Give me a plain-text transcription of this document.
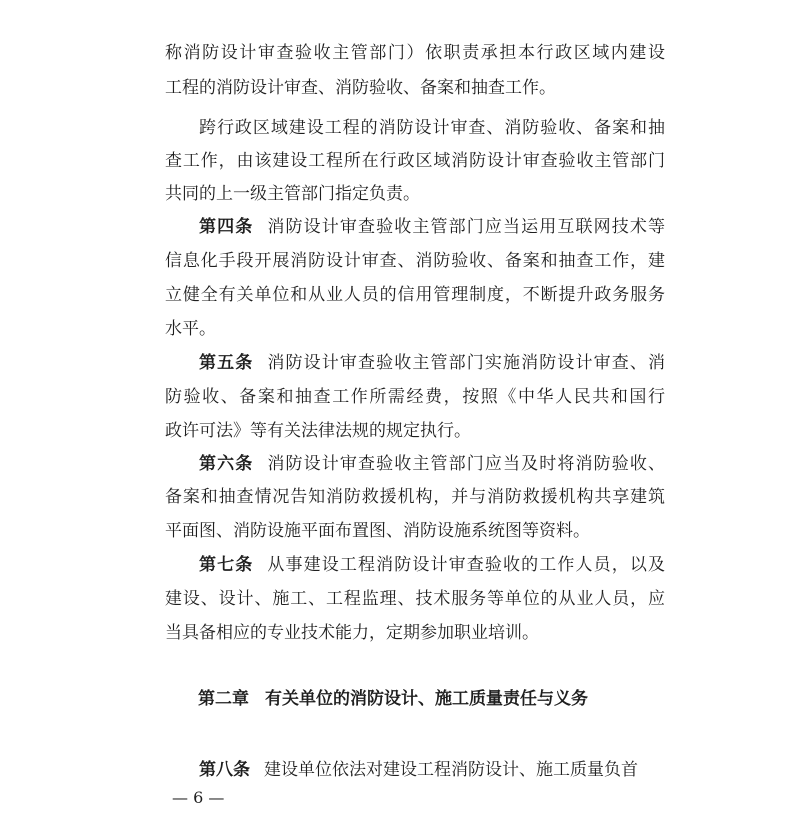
称消防设计审查验收主管部门）依职责承担本行政区域内建设
工程的消防设计审查、消防验收、备案和抽查工作。
跨行政区域建设工程的消防设计审查、消防验收、备案和抽
查工作，由该建设工程所在行政区域消防设计审查验收主管部门
共同的上一级主管部门指定负责。
第四条 消防设计审查验收主管部门应当运用互联网技术等
信息化手段开展消防设计审查、消防验收、备案和抽查工作，建
立健全有关单位和从业人员的信用管理制度，不断提升政务服务
水平。
第五条 消防设计审查验收主管部门实施消防设计审查、消
防验收、备案和抽查工作所需经费，按照《中华人民共和国行
政许可法》等有关法律法规的规定执行。
第六条 消防设计审查验收主管部门应当及时将消防验收、
备案和抽查情况告知消防救援机构，并与消防救援机构共享建筑
平面图、消防设施平面布置图、消防设施系统图等资料。
第七条 从事建设工程消防设计审查验收的工作人员，以及
建设、设计、施工、工程监理、技术服务等单位的从业人员，应
当具备相应的专业技术能力，定期参加职业培训。
第二章 有关单位的消防设计、施工质量责任与义务
第八条 建设单位依法对建设工程消防设计、施工质量负首
— 6 —
